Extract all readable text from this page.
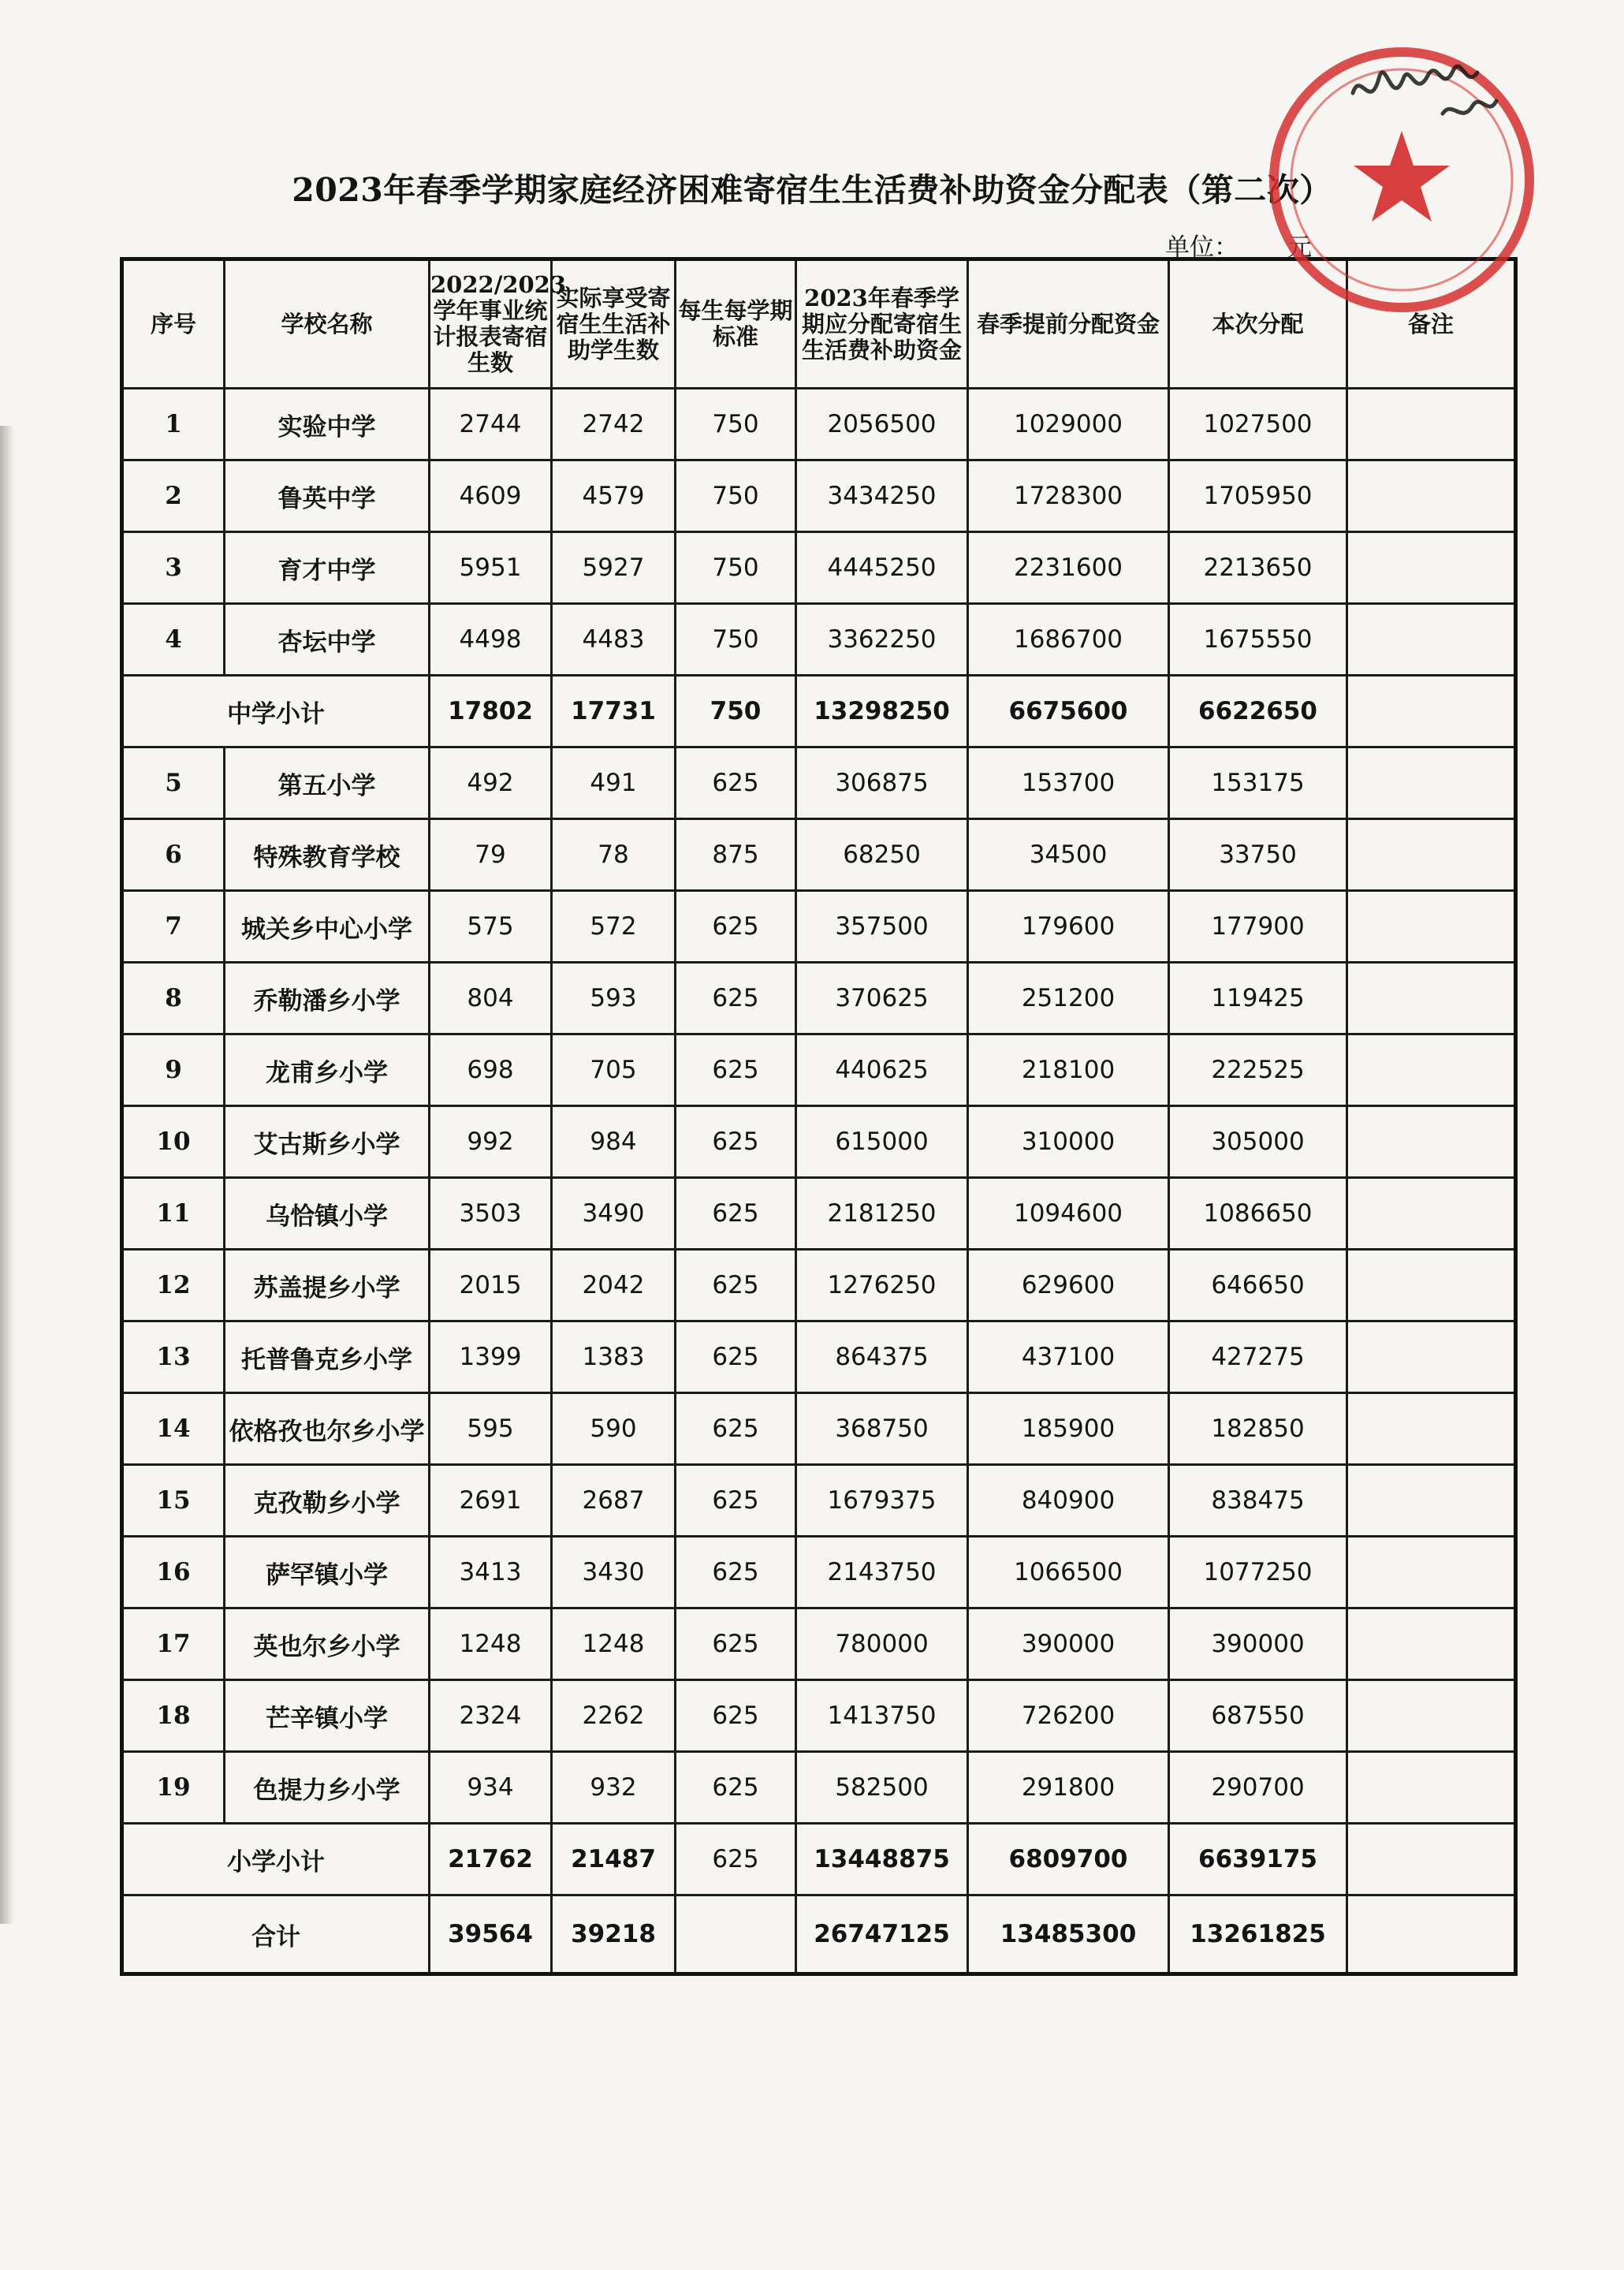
2023年春季学期家庭经济困难寄宿生生活费补助资金分配表（第二次）
单位： 元
序号	学校名称	2022/2023学年事业统计报表寄宿生数	实际享受寄宿生生活补助学生数	每生每学期标准	2023年春季学期应分配寄宿生生活费补助资金	春季提前分配资金	本次分配	备注
1	实验中学	2744	2742	750	2056500	1029000	1027500	
2	鲁英中学	4609	4579	750	3434250	1728300	1705950	
3	育才中学	5951	5927	750	4445250	2231600	2213650	
4	杏坛中学	4498	4483	750	3362250	1686700	1675550	
中学小计		17802	17731	750	13298250	6675600	6622650	
5	第五小学	492	491	625	306875	153700	153175	
6	特殊教育学校	79	78	875	68250	34500	33750	
7	城关乡中心小学	575	572	625	357500	179600	177900	
8	乔勒潘乡小学	804	593	625	370625	251200	119425	
9	龙甫乡小学	698	705	625	440625	218100	222525	
10	艾古斯乡小学	992	984	625	615000	310000	305000	
11	乌恰镇小学	3503	3490	625	2181250	1094600	1086650	
12	苏盖提乡小学	2015	2042	625	1276250	629600	646650	
13	托普鲁克乡小学	1399	1383	625	864375	437100	427275	
14	依格孜也尔乡小学	595	590	625	368750	185900	182850	
15	克孜勒乡小学	2691	2687	625	1679375	840900	838475	
16	萨罕镇小学	3413	3430	625	2143750	1066500	1077250	
17	英也尔乡小学	1248	1248	625	780000	390000	390000	
18	芒辛镇小学	2324	2262	625	1413750	726200	687550	
19	色提力乡小学	934	932	625	582500	291800	290700	
小学小计		21762	21487	625	13448875	6809700	6639175	
合计		39564	39218		26747125	13485300	13261825	
